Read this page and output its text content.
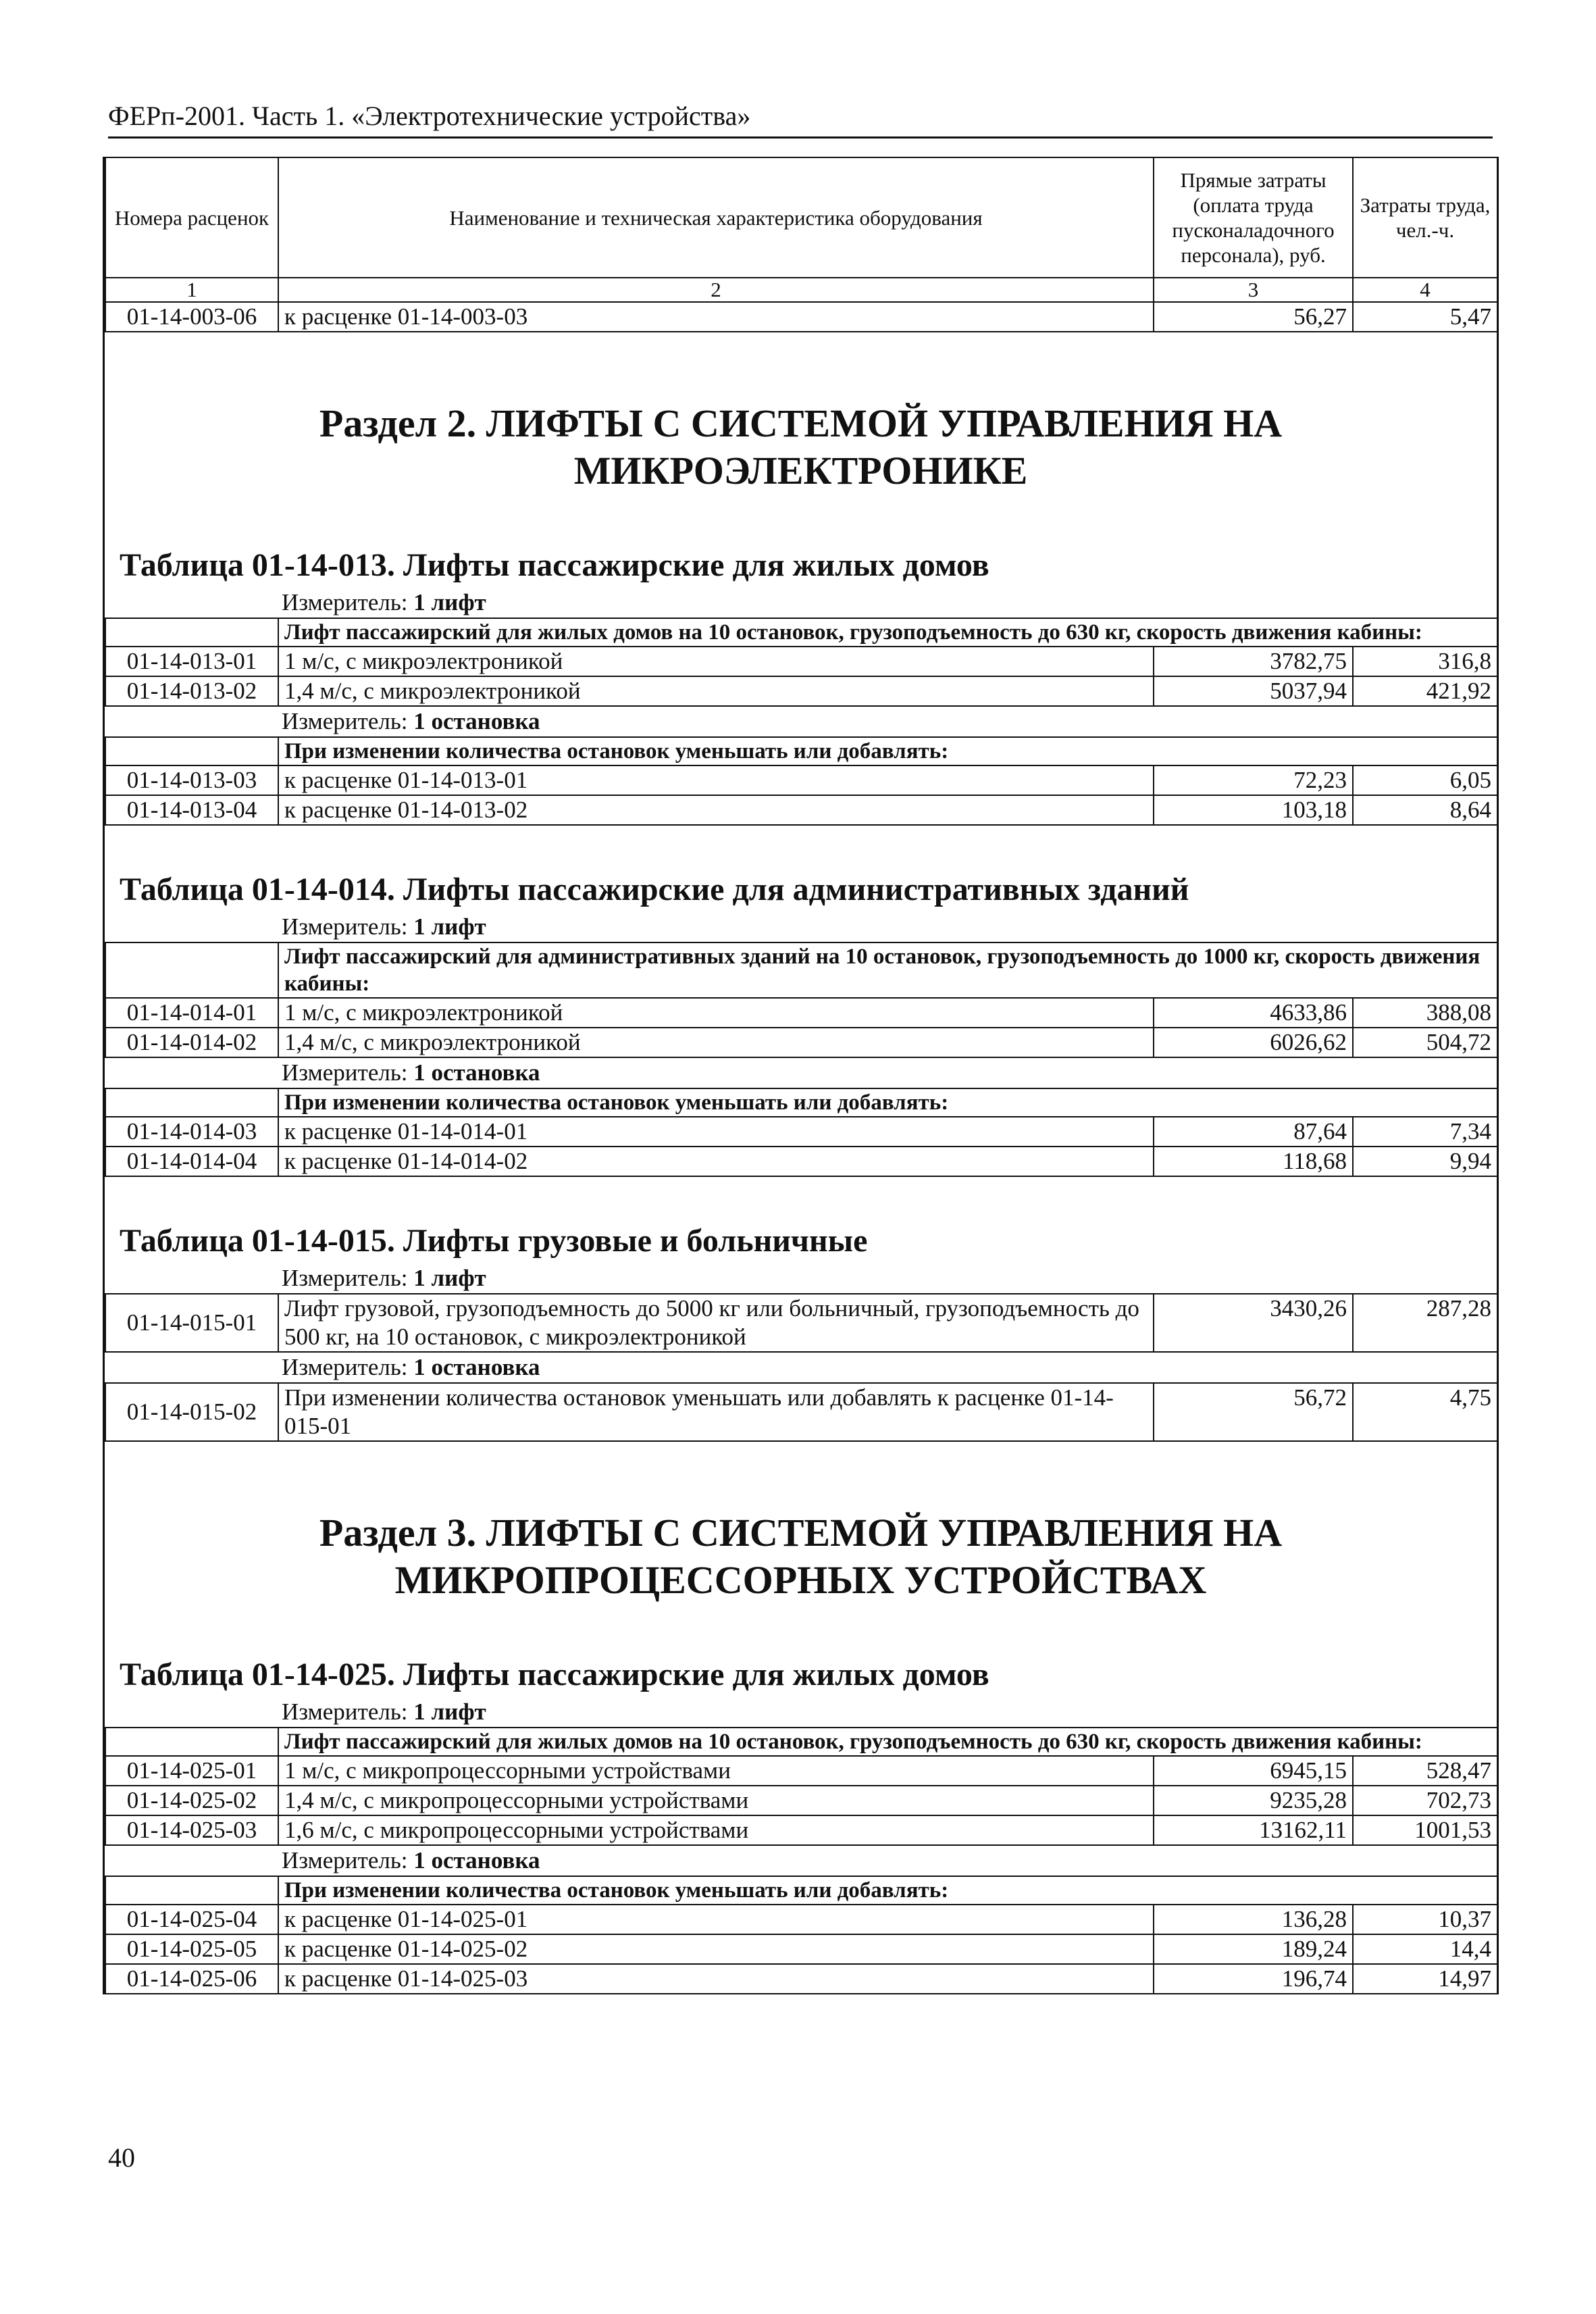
ФЕРп-2001. Часть 1. «Электротехнические устройства»
Номера расценок	Наименование и техническая характеристика оборудования	Прямые затраты (оплата труда пусконаладочного персонала), руб.	Затраты труда, чел.-ч.
1	2	3	4
01-14-003-06	к расценке 01-14-003-03	56,27	5,47
Раздел 2. ЛИФТЫ С СИСТЕМОЙ УПРАВЛЕНИЯ НА МИКРОЭЛЕКТРОНИКЕ
Таблица 01-14-013. Лифты пассажирские для жилых домов
Измеритель: 1 лифт
	Лифт пассажирский для жилых домов на 10 остановок, грузоподъемность до 630 кг, скорость движения кабины:		
01-14-013-01	1 м/с, с микроэлектроникой	3782,75	316,8
01-14-013-02	1,4 м/с, с микроэлектроникой	5037,94	421,92
Измеритель: 1 остановка
	При изменении количества остановок уменьшать или добавлять:		
01-14-013-03	к расценке 01-14-013-01	72,23	6,05
01-14-013-04	к расценке 01-14-013-02	103,18	8,64
Таблица 01-14-014. Лифты пассажирские для административных зданий
Измеритель: 1 лифт
	Лифт пассажирский для административных зданий на 10 остановок, грузоподъемность до 1000 кг, скорость движения кабины:		
01-14-014-01	1 м/с, с микроэлектроникой	4633,86	388,08
01-14-014-02	1,4 м/с, с микроэлектроникой	6026,62	504,72
Измеритель: 1 остановка
	При изменении количества остановок уменьшать или добавлять:		
01-14-014-03	к расценке 01-14-014-01	87,64	7,34
01-14-014-04	к расценке 01-14-014-02	118,68	9,94
Таблица 01-14-015. Лифты грузовые и больничные
Измеритель: 1 лифт
01-14-015-01	Лифт грузовой, грузоподъемность до 5000 кг или больничный, грузоподъемность до 500 кг, на 10 остановок, с микроэлектроникой	3430,26	287,28
Измеритель: 1 остановка
01-14-015-02	При изменении количества остановок уменьшать или добавлять к расценке 01-14-015-01	56,72	4,75
Раздел 3. ЛИФТЫ С СИСТЕМОЙ УПРАВЛЕНИЯ НА МИКРОПРОЦЕССОРНЫХ УСТРОЙСТВАХ
Таблица 01-14-025. Лифты пассажирские для жилых домов
Измеритель: 1 лифт
	Лифт пассажирский для жилых домов на 10 остановок, грузоподъемность до 630 кг, скорость движения кабины:		
01-14-025-01	1 м/с, с микропроцессорными устройствами	6945,15	528,47
01-14-025-02	1,4 м/с, с микропроцессорными устройствами	9235,28	702,73
01-14-025-03	1,6 м/с, с микропроцессорными устройствами	13162,11	1001,53
Измеритель: 1 остановка
	При изменении количества остановок уменьшать или добавлять:		
01-14-025-04	к расценке 01-14-025-01	136,28	10,37
01-14-025-05	к расценке 01-14-025-02	189,24	14,4
01-14-025-06	к расценке 01-14-025-03	196,74	14,97
40
